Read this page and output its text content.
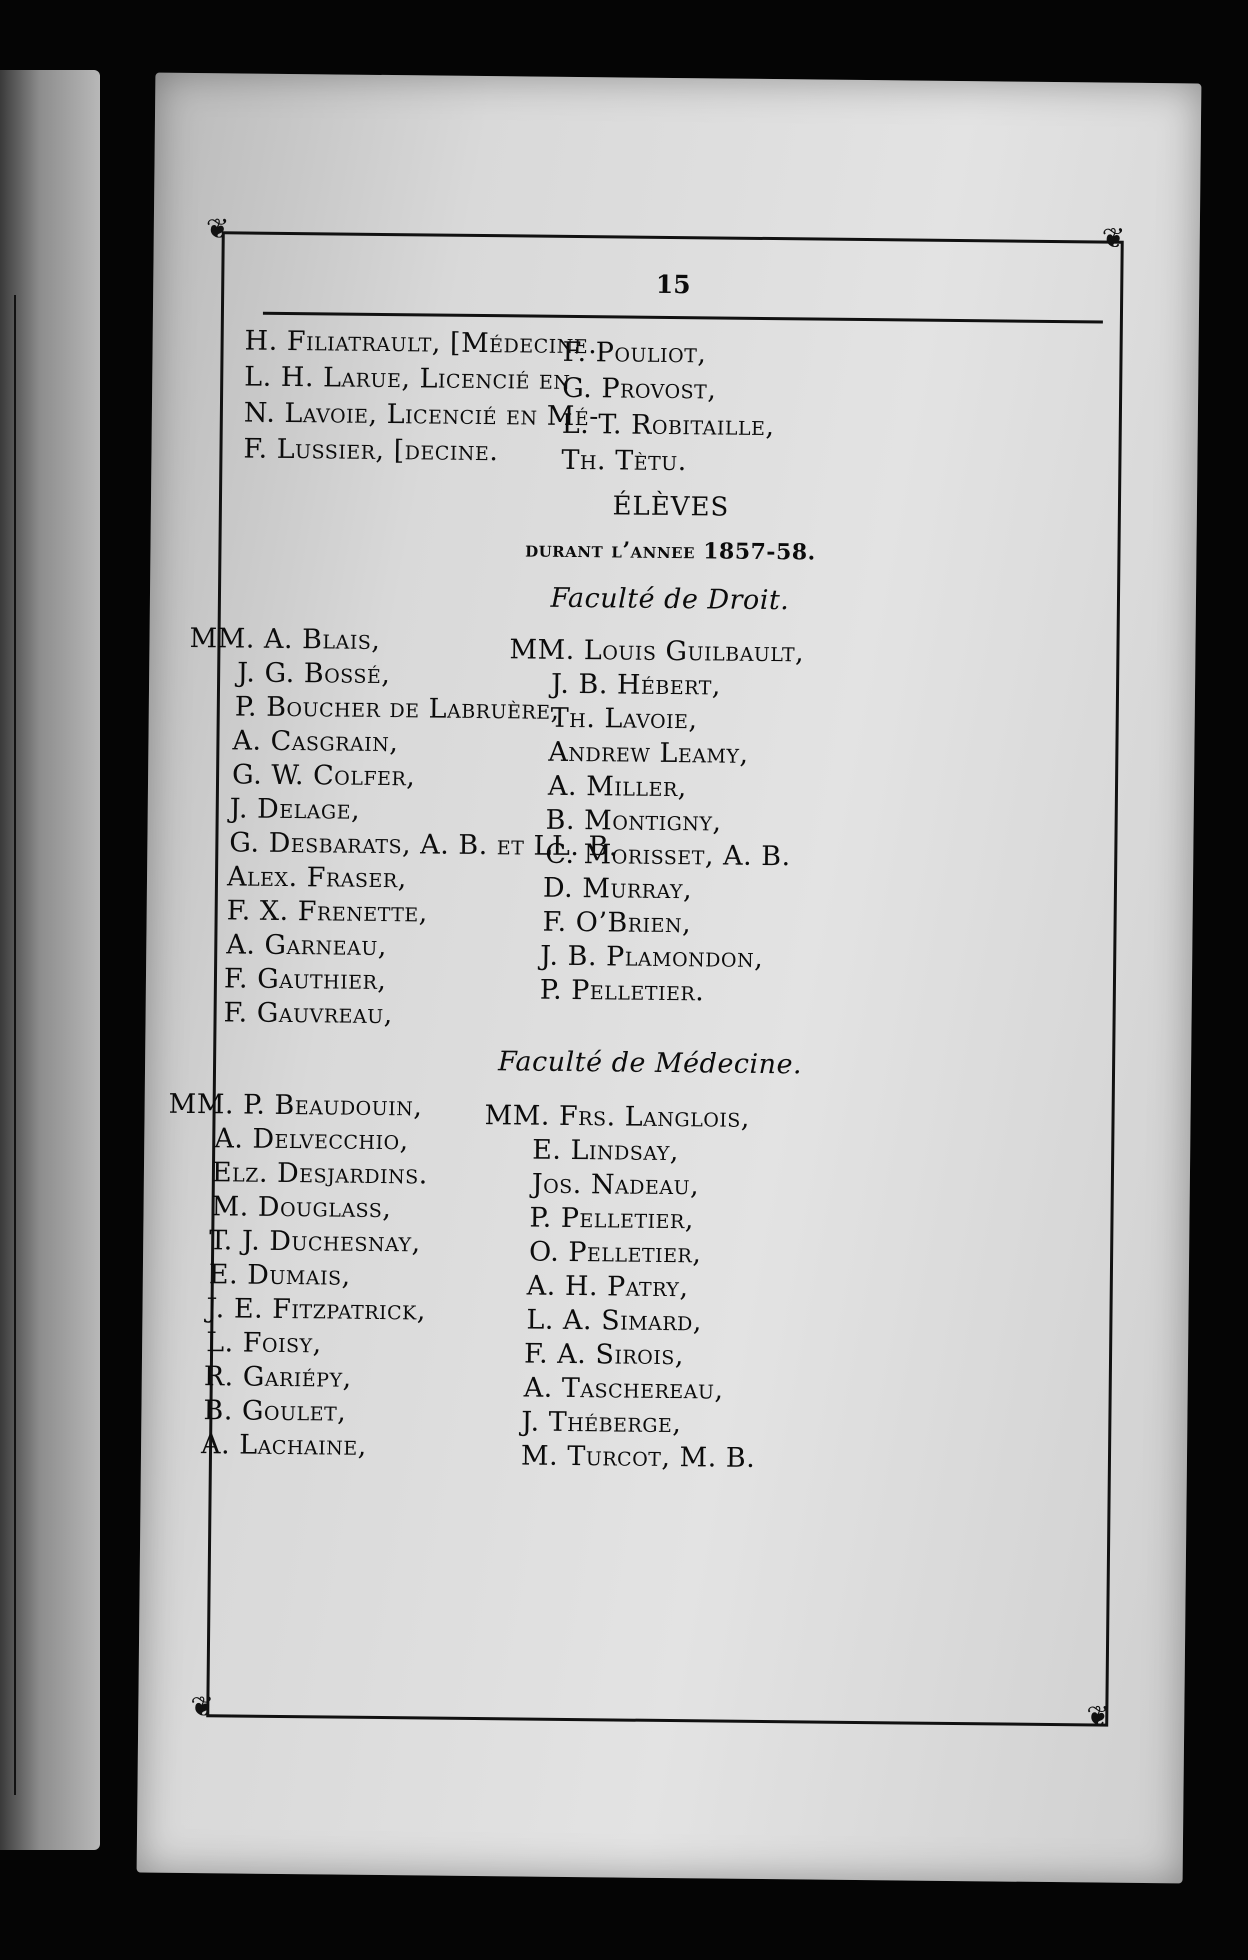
❦	❦
❦	❦
15
H. Filiatrault, [Médecine.
L. H. Larue, Licencié en
N. Lavoie, Licencié en Mé-
F. Lussier, [decine.
F. Pouliot,
G. Provost,
L. T. Robitaille,
Th. Tètu.
ÉLÈVES
durant l’annee 1857-58.
Faculté de Droit.
MM. A. Blais,
J. G. Bossé,
P. Boucher de Labruère,
A. Casgrain,
G. W. Colfer,
J. Delage,
G. Desbarats, A. B. et LL. B.
Alex. Fraser,
F. X. Frenette,
A. Garneau,
F. Gauthier,
F. Gauvreau,
MM. Louis Guilbault,
J. B. Hébert,
Th. Lavoie,
Andrew Leamy,
A. Miller,
B. Montigny,
C. Morisset, A. B.
D. Murray,
F. O’Brien,
J. B. Plamondon,
P. Pelletier.
Faculté de Médecine.
MM. P. Beaudouin,
A. Delvecchio,
Elz. Desjardins.
M. Douglass,
T. J. Duchesnay,
E. Dumais,
J. E. Fitzpatrick,
L. Foisy,
R. Gariépy,
B. Goulet,
A. Lachaine,
MM. Frs. Langlois,
E. Lindsay,
Jos. Nadeau,
P. Pelletier,
O. Pelletier,
A. H. Patry,
L. A. Simard,
F. A. Sirois,
A. Taschereau,
J. Théberge,
M. Turcot, M. B.
